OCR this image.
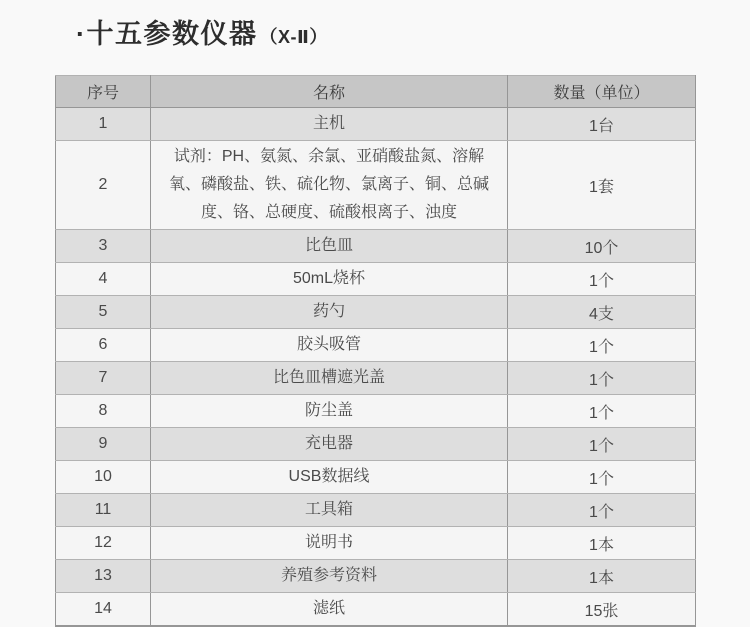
·十五参数仪器 （X-Ⅱ）
序号	名称	数量（单位）
1	主机	1台
2	试剂：PH、氨氮、余氯、亚硝酸盐氮、溶解氧、磷酸盐、铁、硫化物、氯离子、铜、总碱度、铬、总硬度、硫酸根离子、浊度	1套
3	比色皿	10个
4	50mL烧杯	1个
5	药勺	4支
6	胶头吸管	1个
7	比色皿槽遮光盖	1个
8	防尘盖	1个
9	充电器	1个
10	USB数据线	1个
11	工具箱	1个
12	说明书	1本
13	养殖参考资料	1本
14	滤纸	15张
